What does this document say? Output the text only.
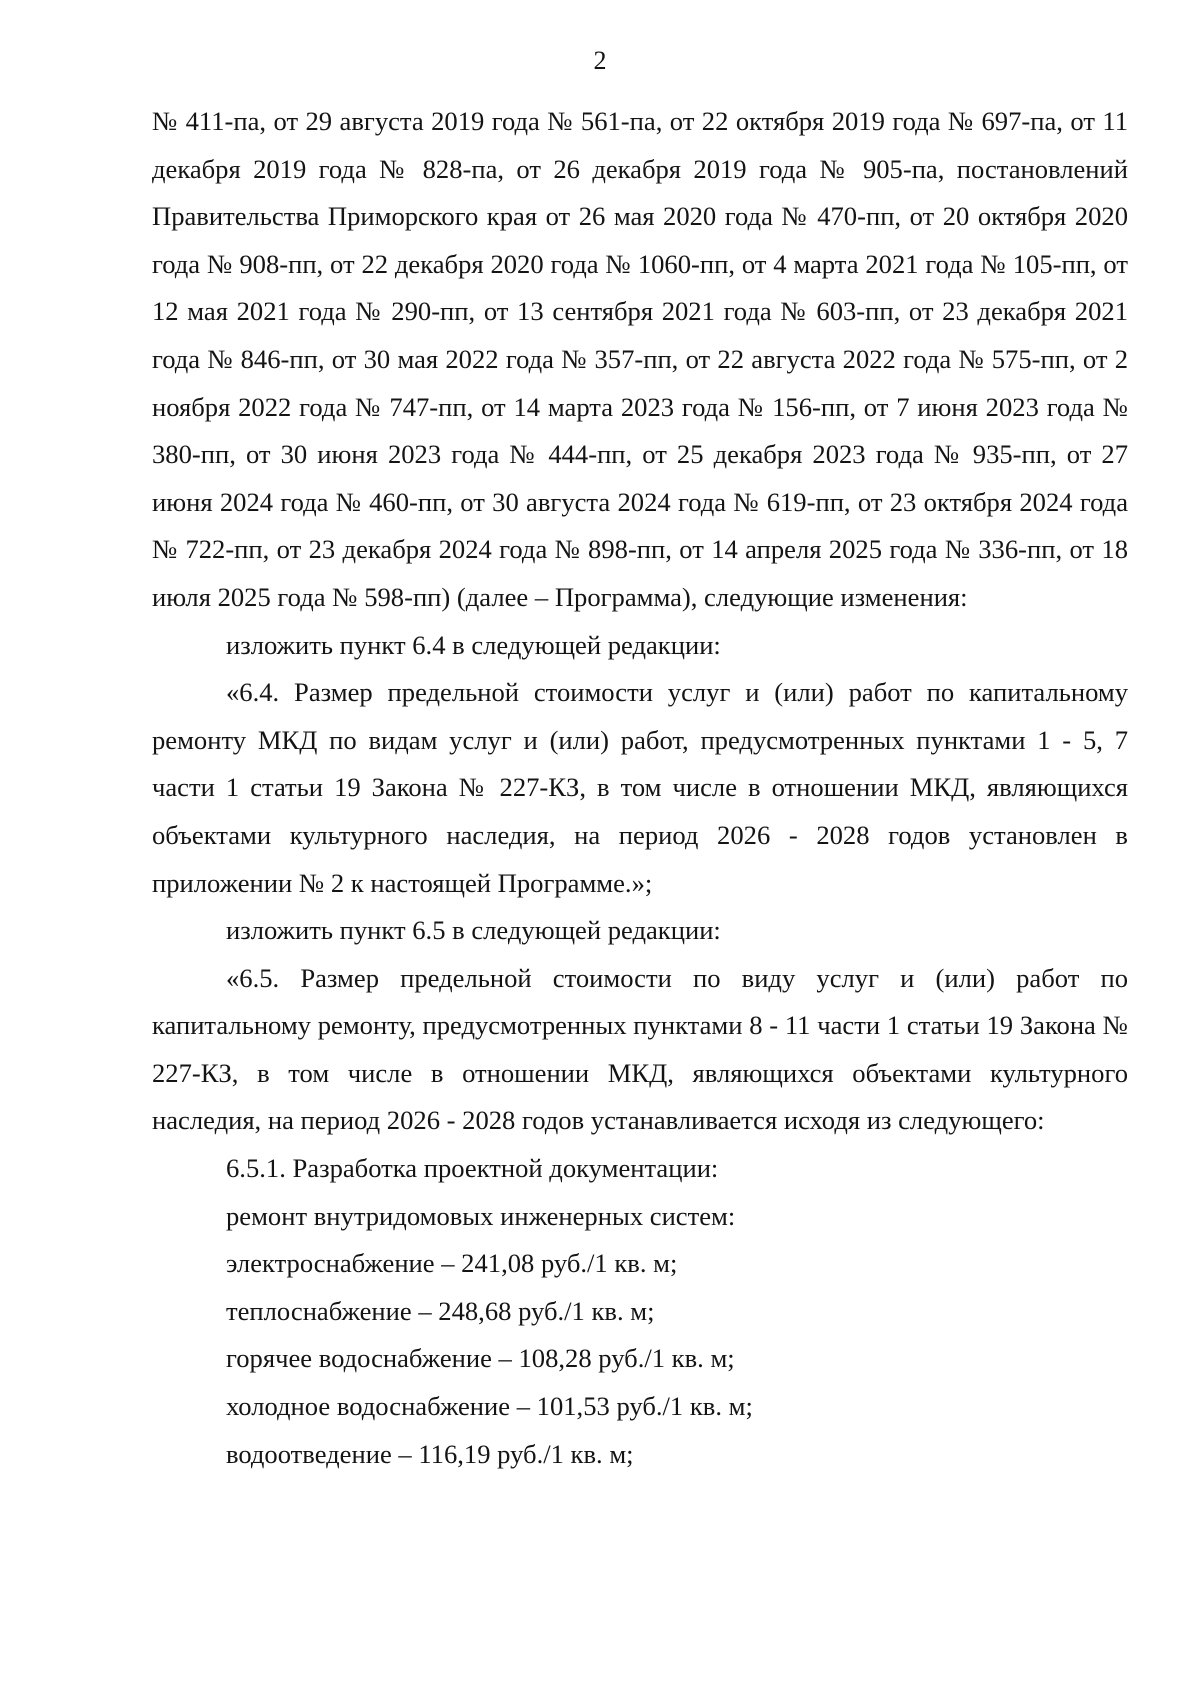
2

№ 411-па, от 29 августа 2019 года № 561-па, от 22 октября 2019 года № 697-па, от 11 декабря 2019 года № 828-па, от 26 декабря 2019 года № 905-па, постановлений Правительства Приморского края от 26 мая 2020 года № 470-пп, от 20 октября 2020 года № 908-пп, от 22 декабря 2020 года № 1060-пп, от 4 марта 2021 года № 105-пп, от 12 мая 2021 года № 290-пп, от 13 сентября 2021 года № 603-пп, от 23 декабря 2021 года № 846-пп, от 30 мая 2022 года № 357-пп, от 22 августа 2022 года № 575-пп, от 2 ноября 2022 года № 747-пп, от 14 марта 2023 года № 156-пп, от 7 июня 2023 года № 380-пп, от 30 июня 2023 года № 444-пп, от 25 декабря 2023 года № 935-пп, от 27 июня 2024 года № 460-пп, от 30 августа 2024 года № 619-пп, от 23 октября 2024 года № 722-пп, от 23 декабря 2024 года № 898-пп, от 14 апреля 2025 года № 336-пп, от 18 июля 2025 года № 598-пп) (далее – Программа), следующие изменения:

изложить пункт 6.4 в следующей редакции:

«6.4. Размер предельной стоимости услуг и (или) работ по капитальному ремонту МКД по видам услуг и (или) работ, предусмотренных пунктами 1 - 5, 7 части 1 статьи 19 Закона № 227-КЗ, в том числе в отношении МКД, являющихся объектами культурного наследия, на период 2026 - 2028 годов установлен в приложении № 2 к настоящей Программе.»;

изложить пункт 6.5 в следующей редакции:

«6.5. Размер предельной стоимости по виду услуг и (или) работ по капитальному ремонту, предусмотренных пунктами 8 - 11 части 1 статьи 19 Закона № 227-КЗ, в том числе в отношении МКД, являющихся объектами культурного наследия, на период 2026 - 2028 годов устанавливается исходя из следующего:

6.5.1. Разработка проектной документации:

ремонт внутридомовых инженерных систем:

электроснабжение – 241,08 руб./1 кв. м;

теплоснабжение – 248,68 руб./1 кв. м;

горячее водоснабжение – 108,28 руб./1 кв. м;

холодное водоснабжение – 101,53 руб./1 кв. м;

водоотведение – 116,19 руб./1 кв. м;
